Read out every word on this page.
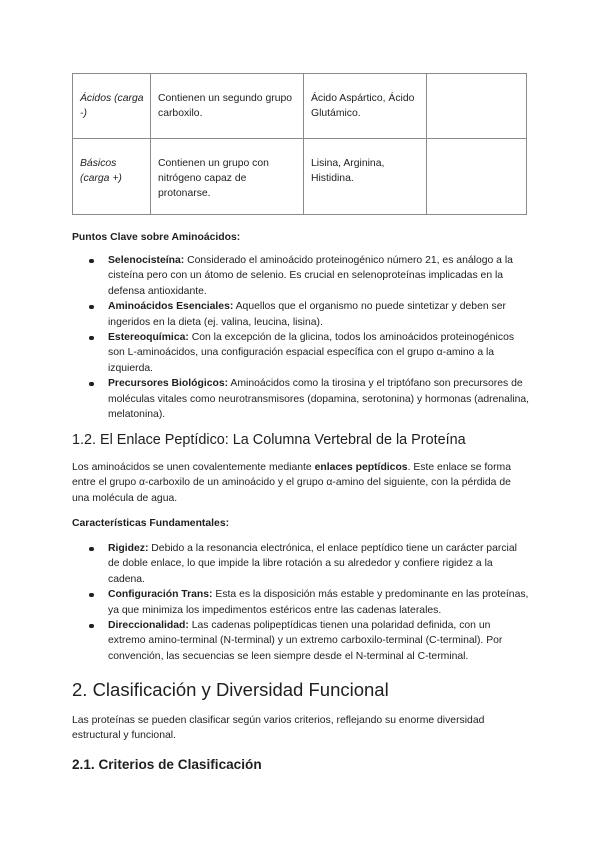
Ácidos (carga -)	Contienen un segundo grupo carboxilo.	Ácido Aspártico, Ácido Glutámico.	
Básicos (carga +)	Contienen un grupo con nitrógeno capaz de protonarse.	Lisina, Arginina, Histidina.	
Puntos Clave sobre Aminoácidos:
Selenocisteína: Considerado el aminoácido proteinogénico número 21, es análogo a la cisteína pero con un átomo de selenio. Es crucial en selenoproteínas implicadas en la defensa antioxidante.
Aminoácidos Esenciales: Aquellos que el organismo no puede sintetizar y deben ser ingeridos en la dieta (ej. valina, leucina, lisina).
Estereoquímica: Con la excepción de la glicina, todos los aminoácidos proteinogénicos son L-aminoácidos, una configuración espacial específica con el grupo α-amino a la izquierda.
Precursores Biológicos: Aminoácidos como la tirosina y el triptófano son precursores de moléculas vitales como neurotransmisores (dopamina, serotonina) y hormonas (adrenalina, melatonina).
1.2. El Enlace Peptídico: La Columna Vertebral de la Proteína
Los aminoácidos se unen covalentemente mediante enlaces peptídicos. Este enlace se forma entre el grupo α-carboxilo de un aminoácido y el grupo α-amino del siguiente, con la pérdida de una molécula de agua.
Características Fundamentales:
Rigidez: Debido a la resonancia electrónica, el enlace peptídico tiene un carácter parcial de doble enlace, lo que impide la libre rotación a su alrededor y confiere rigidez a la cadena.
Configuración Trans: Esta es la disposición más estable y predominante en las proteínas, ya que minimiza los impedimentos estéricos entre las cadenas laterales.
Direccionalidad: Las cadenas polipeptídicas tienen una polaridad definida, con un extremo amino-terminal (N-terminal) y un extremo carboxilo-terminal (C-terminal). Por convención, las secuencias se leen siempre desde el N-terminal al C-terminal.
2. Clasificación y Diversidad Funcional
Las proteínas se pueden clasificar según varios criterios, reflejando su enorme diversidad estructural y funcional.
2.1. Criterios de Clasificación
